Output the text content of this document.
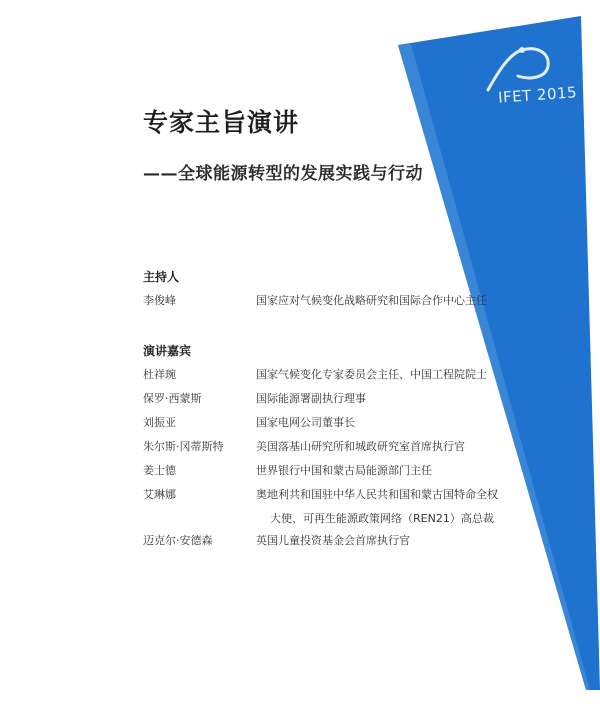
IFET 2015
专家主旨演讲
——全球能源转型的发展实践与行动
主持人
李俊峰	国家应对气候变化战略研究和国际合作中心主任
演讲嘉宾
杜祥琬	国家气候变化专家委员会主任、中国工程院院士
保罗·西蒙斯	国际能源署副执行理事
刘振亚	国家电网公司董事长
朱尔斯·冈蒂斯特	美国落基山研究所和城政研究室首席执行官
姜士德	世界银行中国和蒙古局能源部门主任
艾琳娜	奥地利共和国驻中华人民共和国和蒙古国特命全权
大使、可再生能源政策网络（REN21）高总裁
迈克尔·安德森	英国儿童投资基金会首席执行官
